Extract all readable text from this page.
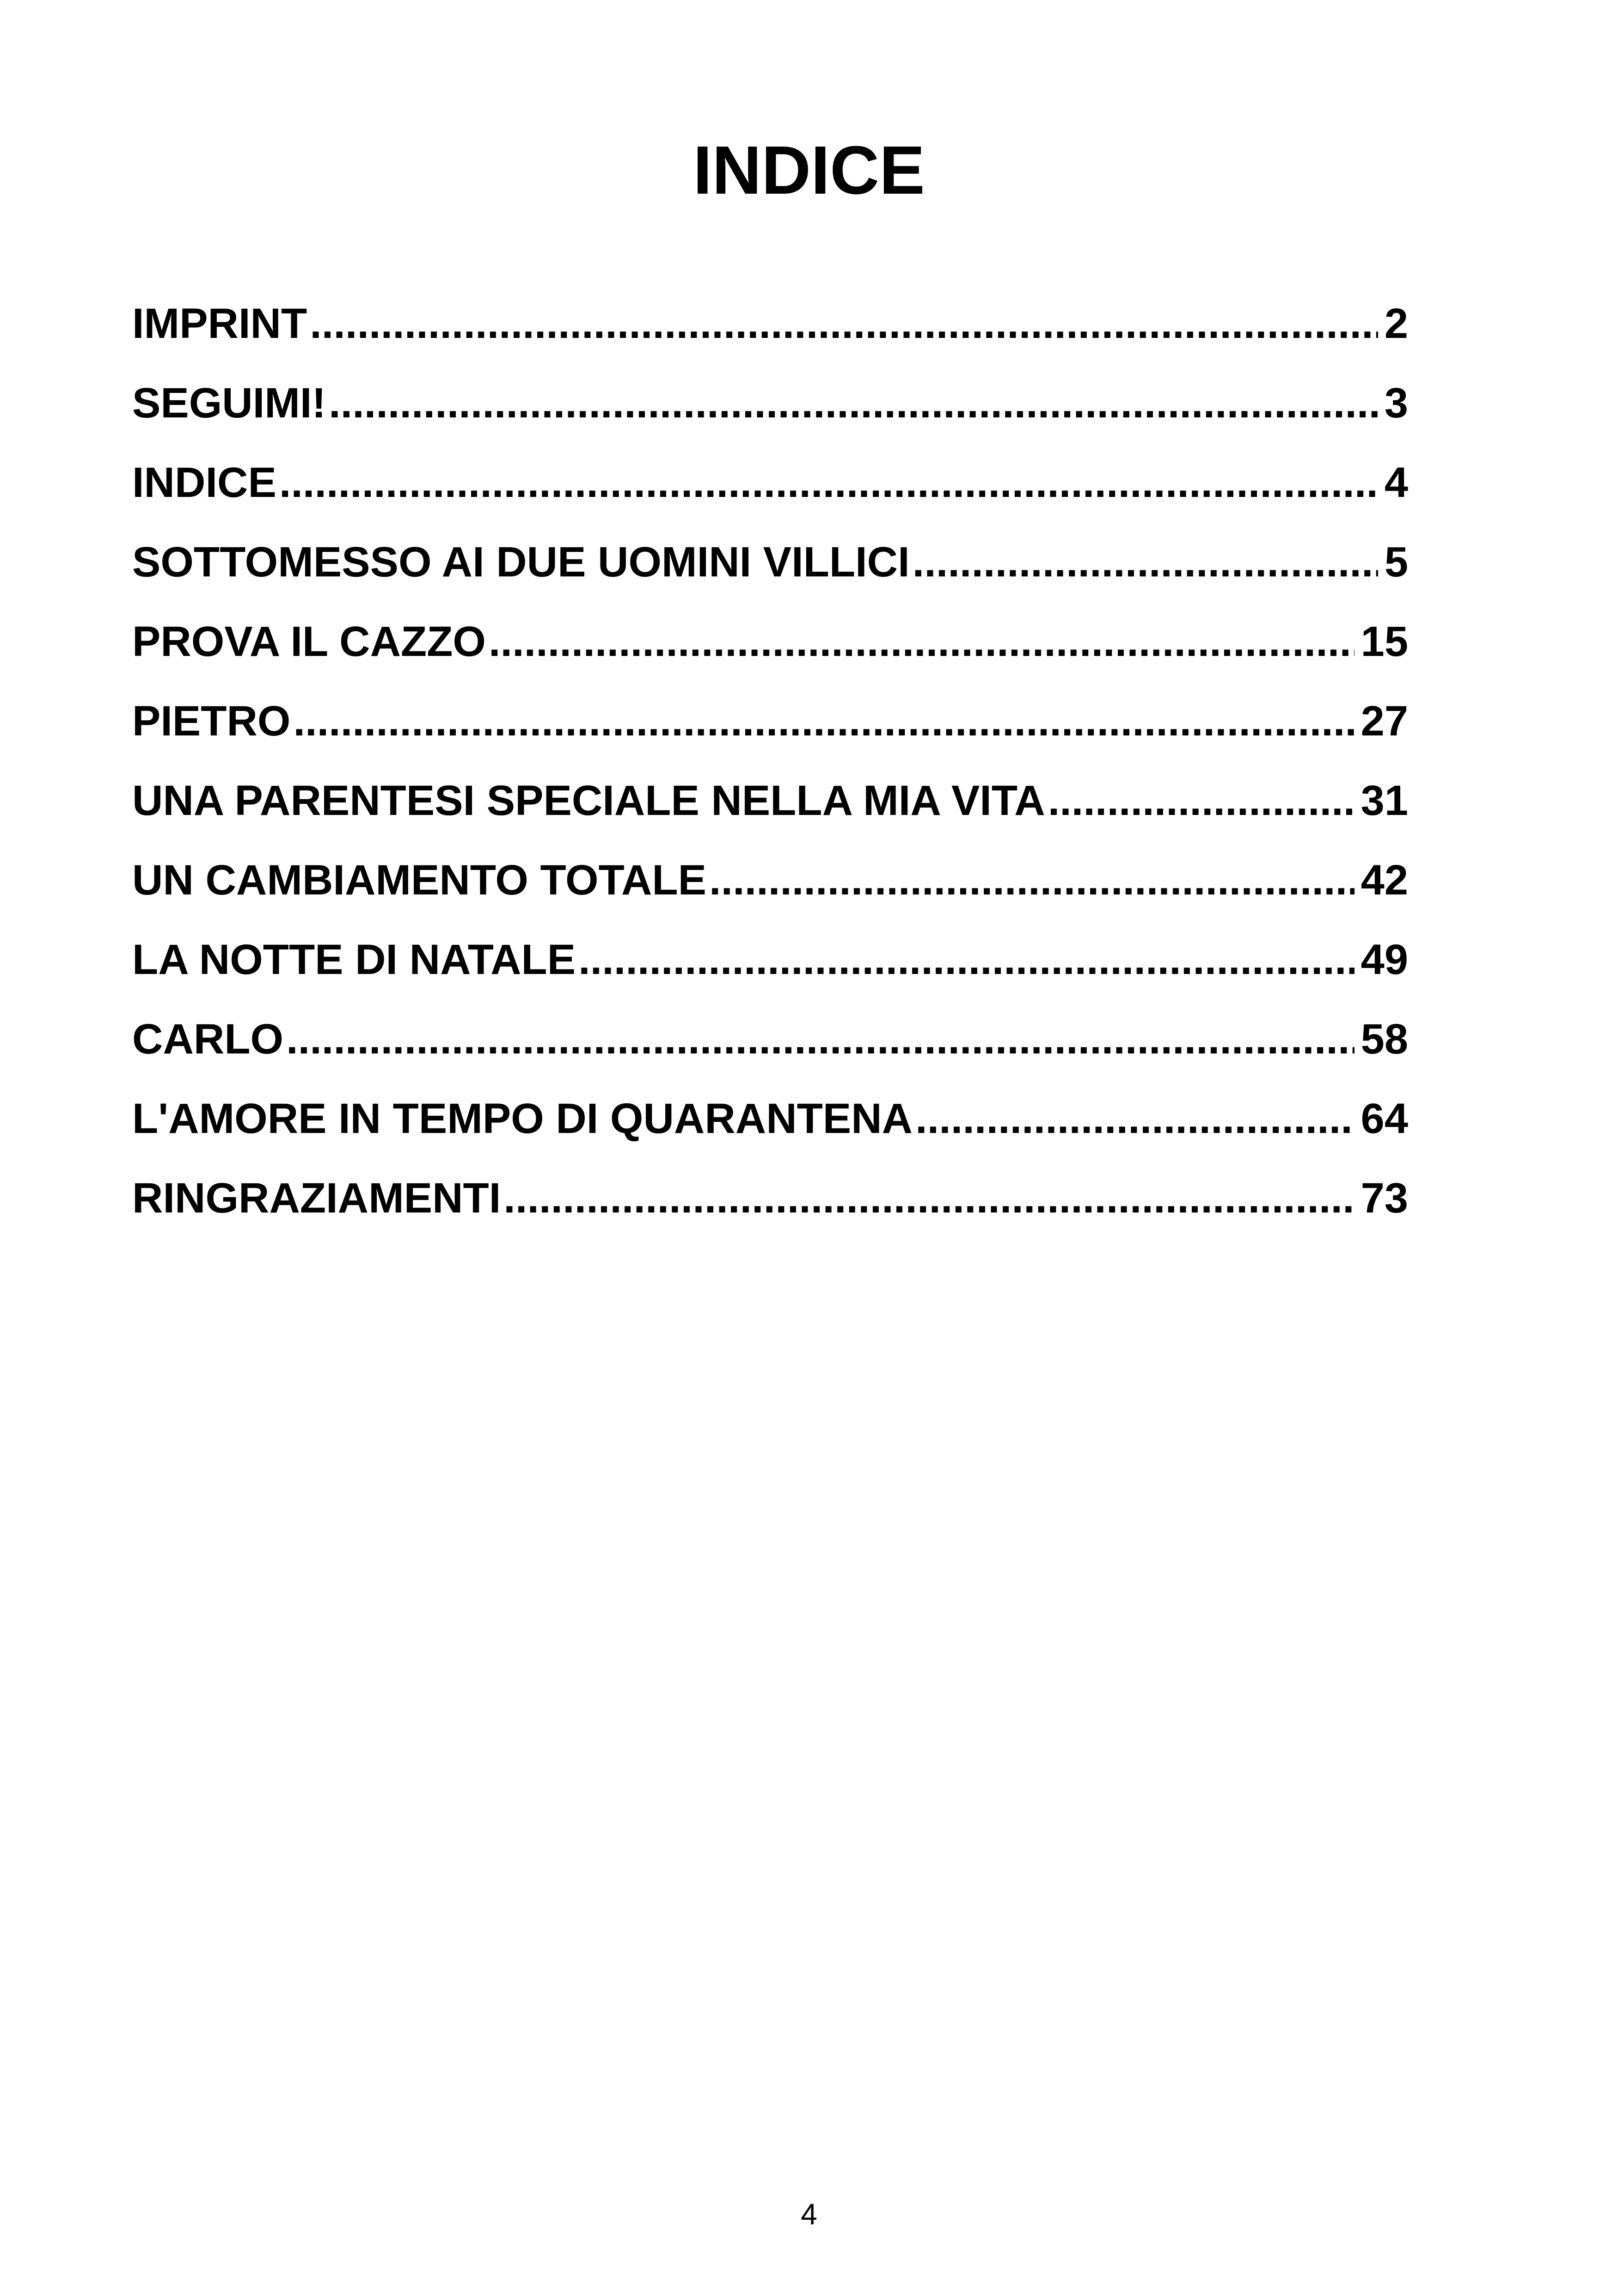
INDICE
IMPRINT .....	2
SEGUIMI! .....	3
INDICE .....	4
SOTTOMESSO AI DUE UOMINI VILLICI .....	5
PROVA IL CAZZO .....	15
PIETRO .....	27
UNA PARENTESI SPECIALE NELLA MIA VITA .....	31
UN CAMBIAMENTO TOTALE .....	42
LA NOTTE DI NATALE .....	49
CARLO .....	58
L'AMORE IN TEMPO DI QUARANTENA .....	64
RINGRAZIAMENTI .....	73
4
